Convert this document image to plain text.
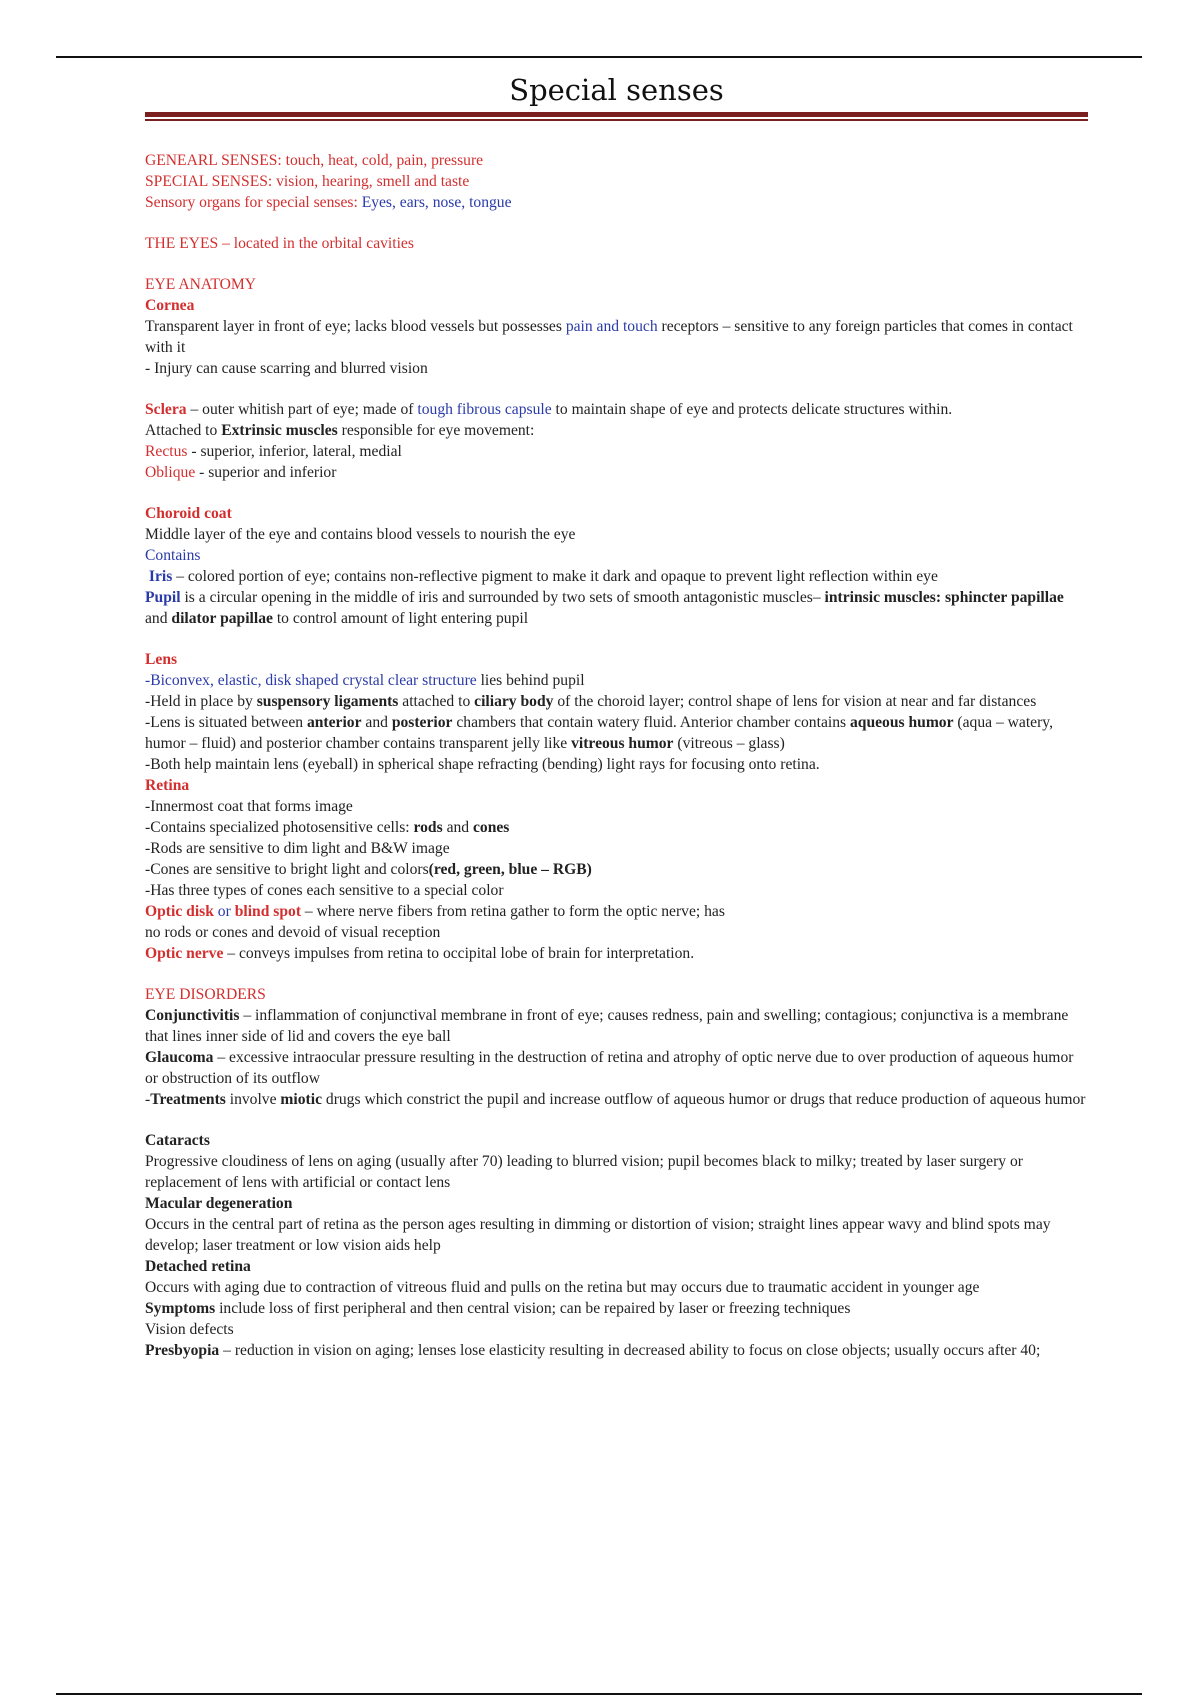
Special senses

GENEARL SENSES: touch, heat, cold, pain, pressure

SPECIAL SENSES: vision, hearing, smell and taste

Sensory organs for special senses: Eyes, ears, nose, tongue

THE EYES – located in the orbital cavities

EYE ANATOMY

Cornea

Transparent layer in front of eye; lacks blood vessels but possesses pain and touch receptors – sensitive to any foreign particles that comes in contact with it

- Injury can cause scarring and blurred vision

Sclera – outer whitish part of eye; made of tough fibrous capsule to maintain shape of eye and protects delicate structures within.

Attached to Extrinsic muscles responsible for eye movement:

Rectus - superior, inferior, lateral, medial

Oblique - superior and inferior

Choroid coat

Middle layer of the eye and contains blood vessels to nourish the eye

Contains

Iris – colored portion of eye; contains non-reflective pigment to make it dark and opaque to prevent light reflection within eye

Pupil is a circular opening in the middle of iris and surrounded by two sets of smooth antagonistic muscles– intrinsic muscles: sphincter papillae and dilator papillae to control amount of light entering pupil

Lens

-Biconvex, elastic, disk shaped crystal clear structure lies behind pupil

-Held in place by suspensory ligaments attached to ciliary body of the choroid layer; control shape of lens for vision at near and far distances

-Lens is situated between anterior and posterior chambers that contain watery fluid. Anterior chamber contains aqueous humor (aqua – watery, humor – fluid) and posterior chamber contains transparent jelly like vitreous humor (vitreous – glass)

-Both help maintain lens (eyeball) in spherical shape refracting (bending) light rays for focusing onto retina.

Retina

-Innermost coat that forms image

-Contains specialized photosensitive cells: rods and cones

-Rods are sensitive to dim light and B&W image

-Cones are sensitive to bright light and colors(red, green, blue – RGB)

-Has three types of cones each sensitive to a special color

Optic disk or blind spot – where nerve fibers from retina gather to form the optic nerve; has

no rods or cones and devoid of visual reception

Optic nerve – conveys impulses from retina to occipital lobe of brain for interpretation.

EYE DISORDERS

Conjunctivitis – inflammation of conjunctival membrane in front of eye; causes redness, pain and swelling; contagious; conjunctiva is a membrane that lines inner side of lid and covers the eye ball

Glaucoma – excessive intraocular pressure resulting in the destruction of retina and atrophy of optic nerve due to over production of aqueous humor or obstruction of its outflow

-Treatments involve miotic drugs which constrict the pupil and increase outflow of aqueous humor or drugs that reduce production of aqueous humor

Cataracts

Progressive cloudiness of lens on aging (usually after 70) leading to blurred vision; pupil becomes black to milky; treated by laser surgery or replacement of lens with artificial or contact lens

Macular degeneration

Occurs in the central part of retina as the person ages resulting in dimming or distortion of vision; straight lines appear wavy and blind spots may develop; laser treatment or low vision aids help

Detached retina

Occurs with aging due to contraction of vitreous fluid and pulls on the retina but may occurs due to traumatic accident in younger age

Symptoms include loss of first peripheral and then central vision; can be repaired by laser or freezing techniques

Vision defects

Presbyopia – reduction in vision on aging; lenses lose elasticity resulting in decreased ability to focus on close objects; usually occurs after 40;
